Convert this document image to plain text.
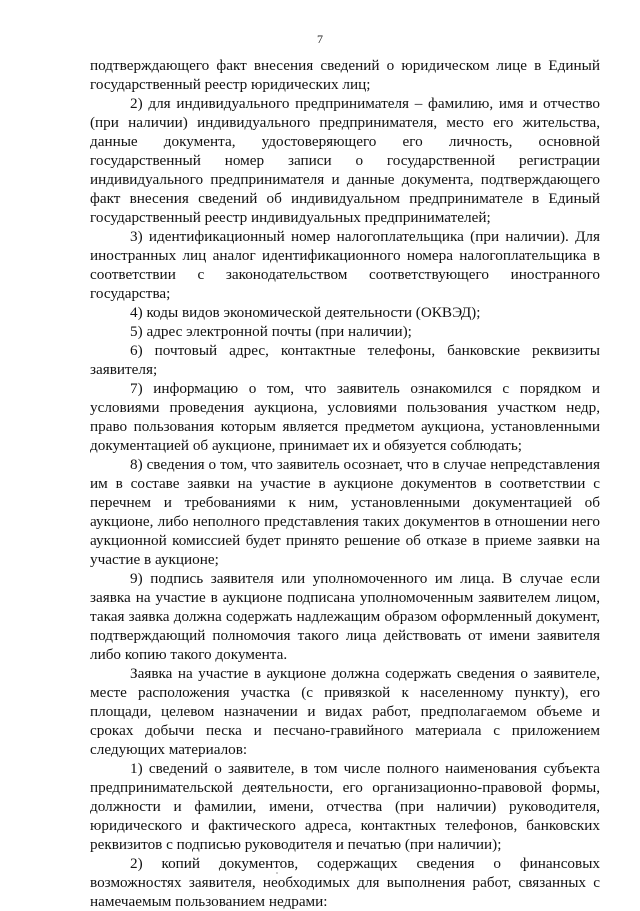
7

подтверждающего факт внесения сведений о юридическом лице в Единый государственный реестр юридических лиц;

2) для индивидуального предпринимателя – фамилию, имя и отчество (при наличии) индивидуального предпринимателя, место его жительства, данные документа, удостоверяющего его личность, основной государственный номер записи о государственной регистрации индивидуального предпринимателя и данные документа, подтверждающего факт внесения сведений об индивидуальном предпринимателе в Единый государственный реестр индивидуальных предпринимателей;

3) идентификационный номер налогоплательщика (при наличии). Для иностранных лиц аналог идентификационного номера налогоплательщика в соответствии с законодательством соответствующего иностранного государства;

4) коды видов экономической деятельности (ОКВЭД);

5) адрес электронной почты (при наличии);

6) почтовый адрес, контактные телефоны, банковские реквизиты заявителя;

7) информацию о том, что заявитель ознакомился с порядком и условиями проведения аукциона, условиями пользования участком недр, право пользования которым является предметом аукциона, установленными документацией об аукционе, принимает их и обязуется соблюдать;

8) сведения о том, что заявитель осознает, что в случае непредставления им в составе заявки на участие в аукционе документов в соответствии с перечнем и требованиями к ним, установленными документацией об аукционе, либо неполного представления таких документов в отношении него аукционной комиссией будет принято решение об отказе в приеме заявки на участие в аукционе;

9) подпись заявителя или уполномоченного им лица. В случае если заявка на участие в аукционе подписана уполномоченным заявителем лицом, такая заявка должна содержать надлежащим образом оформленный документ, подтверждающий полномочия такого лица действовать от имени заявителя либо копию такого документа.

Заявка на участие в аукционе должна содержать сведения о заявителе, месте расположения участка (с привязкой к населенному пункту), его площади, целевом назначении и видах работ, предполагаемом объеме и сроках добычи песка и песчано-гравийного материала с приложением следующих материалов:

1) сведений о заявителе, в том числе полного наименования субъекта предпринимательской деятельности, его организационно-правовой формы, должности и фамилии, имени, отчества (при наличии) руководителя, юридического и фактического адреса, контактных телефонов, банковских реквизитов с подписью руководителя и печатью (при наличии);

2) копий документов, содержащих сведения о финансовых возможностях заявителя, необходимых для выполнения работ, связанных с намечаемым пользованием недрами:
